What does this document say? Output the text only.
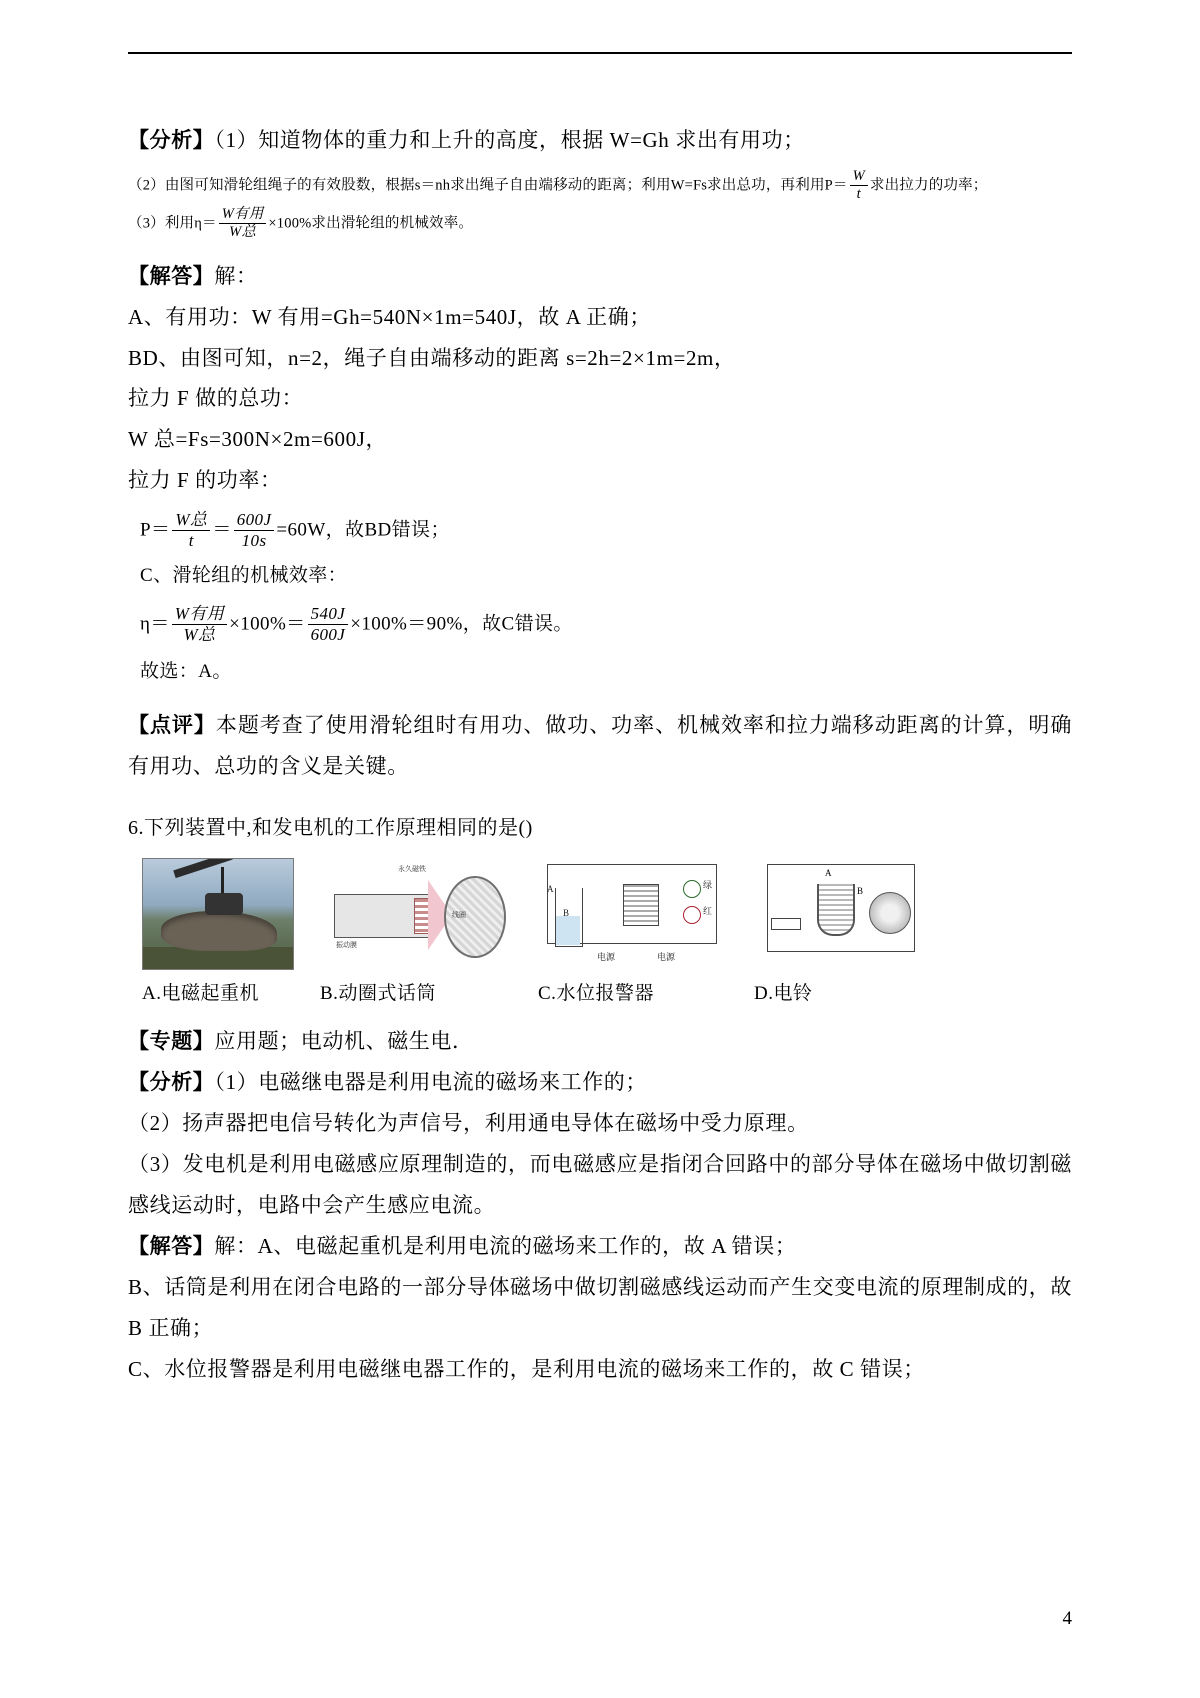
【分析】（1）知道物体的重力和上升的高度，根据 W=Gh 求出有用功；

（2）由图可知滑轮组绳子的有效股数，根据s＝nh求出绳子自由端移动的距离；利用W=Fs求出总功，再利用$P= \frac{W}{t}$ 求出拉力的功率；

（3）利用$\eta= \frac{\text{W有用}}{\text{W总}} \times 100\%$求出滑轮组的机械效率。

【解答】解：

A、有用功：W 有用=Gh=540N×1m=540J，故 A 正确；

BD、由图可知，n=2，绳子自由端移动的距离 s=2h=2×1m=2m，

拉力 F 做的总功：

W 总=Fs=300N×2m=600J，

拉力 F 的功率：

$P= \frac{\text{W总}}{t} = \frac{600J}{10s} =60W$，故BD错误；

C、滑轮组的机械效率：

$\eta= \frac{\text{W有用}}{\text{W总}} \times 100\%= \frac{540J}{600J} \times 100\%=90\%$，故C错误。

故选：A。

【点评】本题考查了使用滑轮组时有用功、做功、功率、机械效率和拉力端移动距离的计算，明确有用功、总功的含义是关键。

6.下列装置中,和发电机的工作原理相同的是()

永久磁铁
振动膜
线圈
A
B
绿
红
电源	电源
A
B
A.电磁起重机	B.动圈式话筒	C.水位报警器	D.电铃

【专题】应用题；电动机、磁生电．

【分析】（1）电磁继电器是利用电流的磁场来工作的；

（2）扬声器把电信号转化为声信号，利用通电导体在磁场中受力原理。

（3）发电机是利用电磁感应原理制造的，而电磁感应是指闭合回路中的部分导体在磁场中做切割磁感线运动时，电路中会产生感应电流。

【解答】解：A、电磁起重机是利用电流的磁场来工作的，故 A 错误；

B、话筒是利用在闭合电路的一部分导体磁场中做切割磁感线运动而产生交变电流的原理制成的，故 B 正确；

C、水位报警器是利用电磁继电器工作的，是利用电流的磁场来工作的，故 C 错误；

4
